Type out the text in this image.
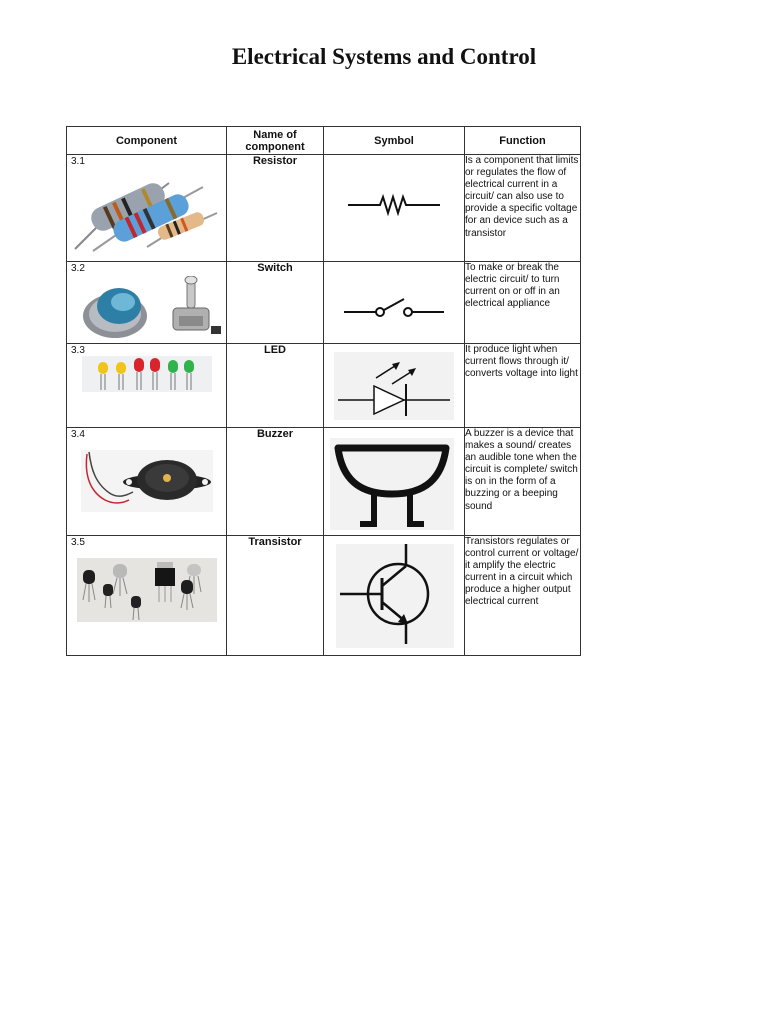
Electrical Systems and Control
Component	Name of component	Symbol	Function

3.1	Resistor		Is a component that limits or regulates the flow of electrical current in a circuit/ can also use to provide a specific voltage for an device such as a transistor

3.2	Switch		To make or break the electric circuit/ to turn current on or off in an electrical appliance

3.3	LED		It produce light when current flows through it/ converts voltage into light

3.4	Buzzer		A buzzer is a device that makes a sound/ creates an audible tone when the circuit is complete/ switch is on in the form of a buzzing or a beeping sound

3.5	Transistor		Transistors regulates or control current or voltage/ it amplify the electric current in a circuit which produce a higher output electrical current
